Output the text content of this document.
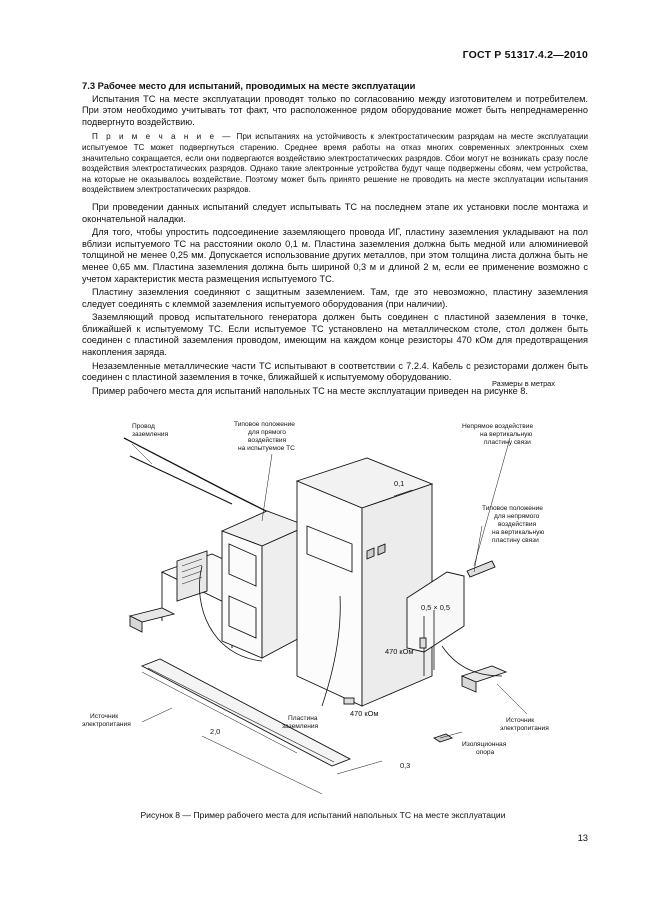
ГОСТ Р 51317.4.2—2010
7.3 Рабочее место для испытаний, проводимых на месте эксплуатации

Испытания ТС на месте эксплуатации проводят только по согласованию между изготовителем и потребителем. При этом необходимо учитывать тот факт, что расположенное рядом оборудование может быть непреднамеренно подвергнуто воздействию.

П р и м е ч а н и е — При испытаниях на устойчивость к электростатическим разрядам на месте эксплуатации испытуемое ТС может подвергнуться старению. Среднее время работы на отказ многих современных электронных схем значительно сокращается, если они подвергаются воздействию электростатических разрядов. Сбои могут не возникать сразу после воздействия электростатических разрядов. Однако такие электронные устройства будут чаще подвержены сбоям, чем устройства, на которые не оказывалось воздействие. Поэтому может быть принято решение не проводить на месте эксплуатации испытания воздействием электростатических разрядов.

При проведении данных испытаний следует испытывать ТС на последнем этапе их установки после монтажа и окончательной наладки.

Для того, чтобы упростить подсоединение заземляющего провода ИГ, пластину заземления укладывают на пол вблизи испытуемого ТС на расстоянии около 0,1 м. Пластина заземления должна быть медной или алюминиевой толщиной не менее 0,25 мм. Допускается использование других металлов, при этом толщина листа должна быть не менее 0,65 мм. Пластина заземления должна быть шириной 0,3 м и длиной 2 м, если ее применение возможно с учетом характеристик места размещения испытуемого ТС.

Пластину заземления соединяют с защитным заземлением. Там, где это невозможно, пластину заземления следует соединять с клеммой заземления испытуемого оборудования (при наличии).

Заземляющий провод испытательного генератора должен быть соединен с пластиной заземления в точке, ближайшей к испытуемому ТС. Если испытуемое ТС установлено на металлическом столе, стол должен быть соединен с пластиной заземления проводом, имеющим на каждом конце резисторы 470 кОм для предотвращения накопления заряда.

Незаземленные металлические части ТС испытывают в соответствии с 7.2.4. Кабель с резисторами должен быть соединен с пластиной заземления в точке, ближайшей к испытуемому оборудованию.

Пример рабочего места для испытаний напольных ТС на месте эксплуатации приведен на рисунке 8.

Размеры в метрах
Провод
заземления
Типовое положение
для прямого
воздействия
на испытуемое ТС
Непрямое воздействие
на вертикальную
пластину связи
Типовое положение
для непрямого
воздействия
на вертикальную
пластину связи
0,1
0,5 × 0,5
470 кОм
470 кОм
Источник
электропитания
Источник
электропитания
Пластина
заземления
2,0
0,3
Изоляционная
опора
Рисунок 8 — Пример рабочего места для испытаний напольных ТС на месте эксплуатации
13
